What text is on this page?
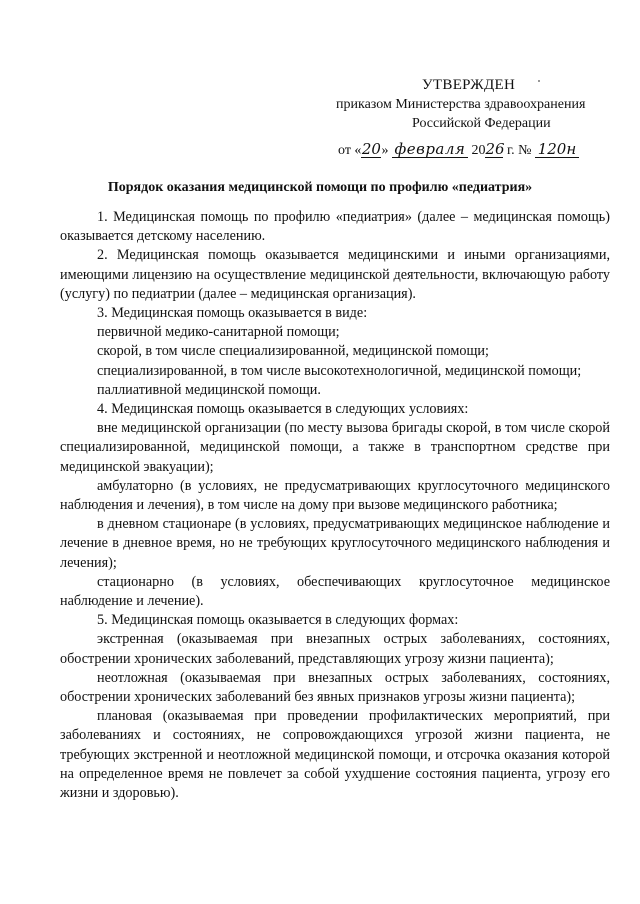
УТВЕРЖДЕН
приказом Министерства здравоохранения
Российской Федерации
от «20» февраля 2026 г. № 120н
Порядок оказания медицинской помощи по профилю «педиатрия»

1. Медицинская помощь по профилю «педиатрия» (далее – медицинская помощь) оказывается детскому населению.

2. Медицинская помощь оказывается медицинскими и иными организациями, имеющими лицензию на осуществление медицинской деятельности, включающую работу (услугу) по педиатрии (далее – медицинская организация).

3. Медицинская помощь оказывается в виде:

первичной медико-санитарной помощи;

скорой, в том числе специализированной, медицинской помощи;

специализированной, в том числе высокотехнологичной, медицинской помощи;

паллиативной медицинской помощи.

4. Медицинская помощь оказывается в следующих условиях:

вне медицинской организации (по месту вызова бригады скорой, в том числе скорой специализированной, медицинской помощи, а также в транспортном средстве при медицинской эвакуации);

амбулаторно (в условиях, не предусматривающих круглосуточного медицинского наблюдения и лечения), в том числе на дому при вызове медицинского работника;

в дневном стационаре (в условиях, предусматривающих медицинское наблюдение и лечение в дневное время, но не требующих круглосуточного медицинского наблюдения и лечения);

стационарно (в условиях, обеспечивающих круглосуточное медицинское наблюдение и лечение).

5. Медицинская помощь оказывается в следующих формах:

экстренная (оказываемая при внезапных острых заболеваниях, состояниях, обострении хронических заболеваний, представляющих угрозу жизни пациента);

неотложная (оказываемая при внезапных острых заболеваниях, состояниях, обострении хронических заболеваний без явных признаков угрозы жизни пациента);

плановая (оказываемая при проведении профилактических мероприятий, при заболеваниях и состояниях, не сопровождающихся угрозой жизни пациента, не требующих экстренной и неотложной медицинской помощи, и отсрочка оказания которой на определенное время не повлечет за собой ухудшение состояния пациента, угрозу его жизни и здоровью).
